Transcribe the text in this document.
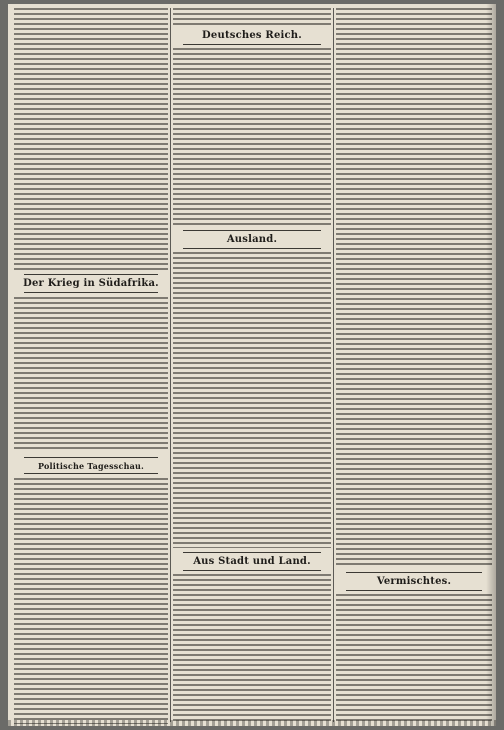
Der Krieg in Südafrika.

Politische Tagesschau.

Deutsches Reich.

Ausland.

Aus Stadt und Land.

Vermischtes.
